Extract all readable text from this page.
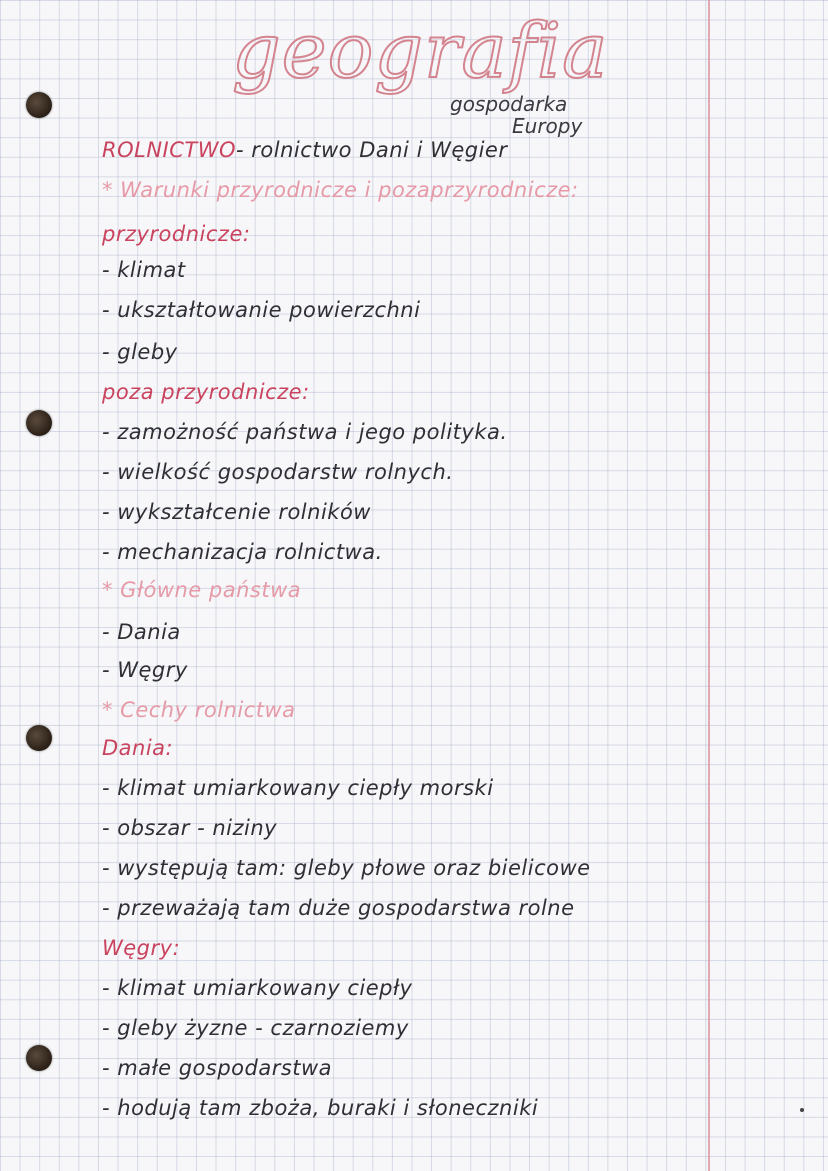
geografia
gospodarka
Europy
ROLNICTWO- rolnictwo Dani i Węgier
* Warunki przyrodnicze i pozaprzyrodnicze:
przyrodnicze:
- klimat
- ukształtowanie powierzchni
- gleby
poza przyrodnicze:
- zamożność państwa i jego polityka.
- wielkość gospodarstw rolnych.
- wykształcenie rolników
- mechanizacja rolnictwa.
* Główne państwa
- Dania
- Węgry
* Cechy rolnictwa
Dania:
- klimat umiarkowany ciepły morski
- obszar - niziny
- występują tam: gleby płowe oraz bielicowe
- przeważają tam duże gospodarstwa rolne
Węgry:
- klimat umiarkowany ciepły
- gleby żyzne - czarnoziemy
- małe gospodarstwa
- hodują tam zboża, buraki i słoneczniki
